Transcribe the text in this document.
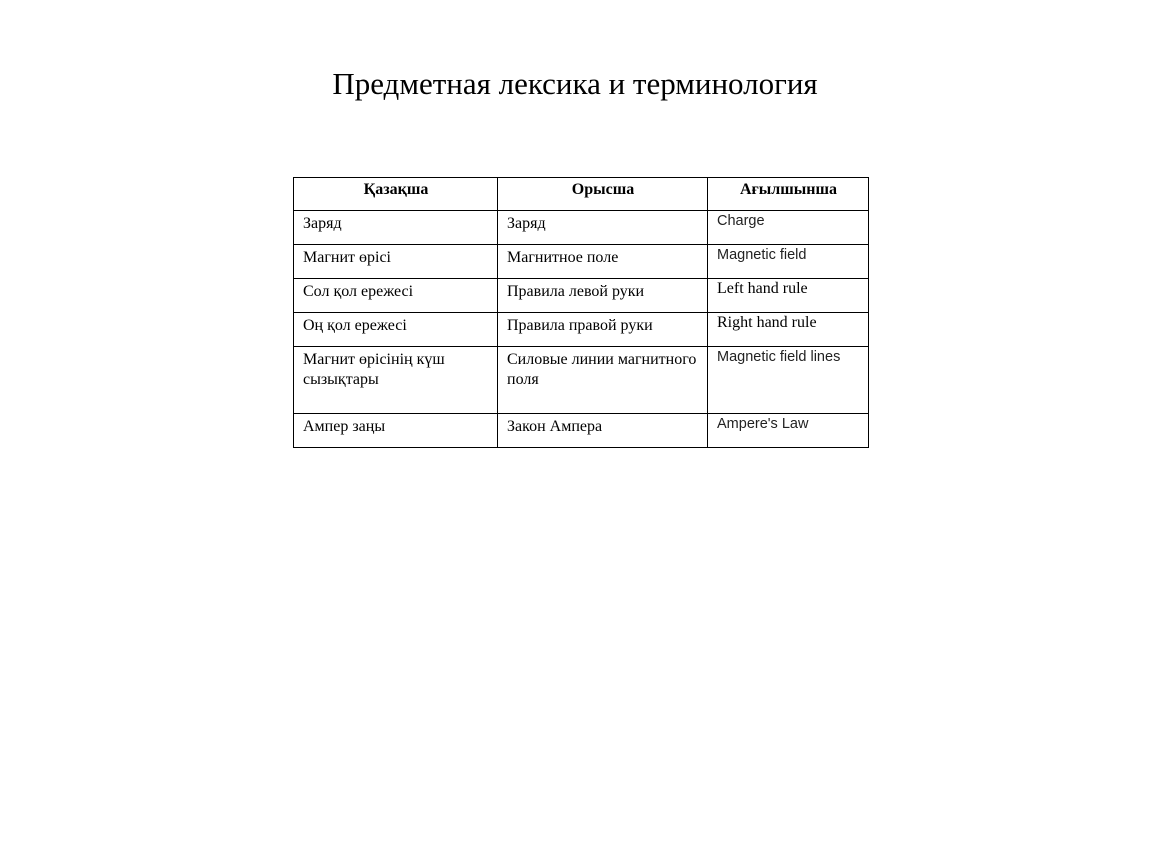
Предметная лексика и терминология
Қазақша	Орысша	Ағылшынша
Заряд	Заряд	Charge
Магнит өрісі	Магнитное поле	Magnetic field
Сол қол ережесі	Правила левой руки	Left hand rule
Оң қол ережесі	Правила правой руки	Right hand rule
Магнит өрісінің күш сызықтары	Силовые линии магнитного поля	Magnetic field lines
Ампер заңы	Закон Ампера	Ampere's Law
